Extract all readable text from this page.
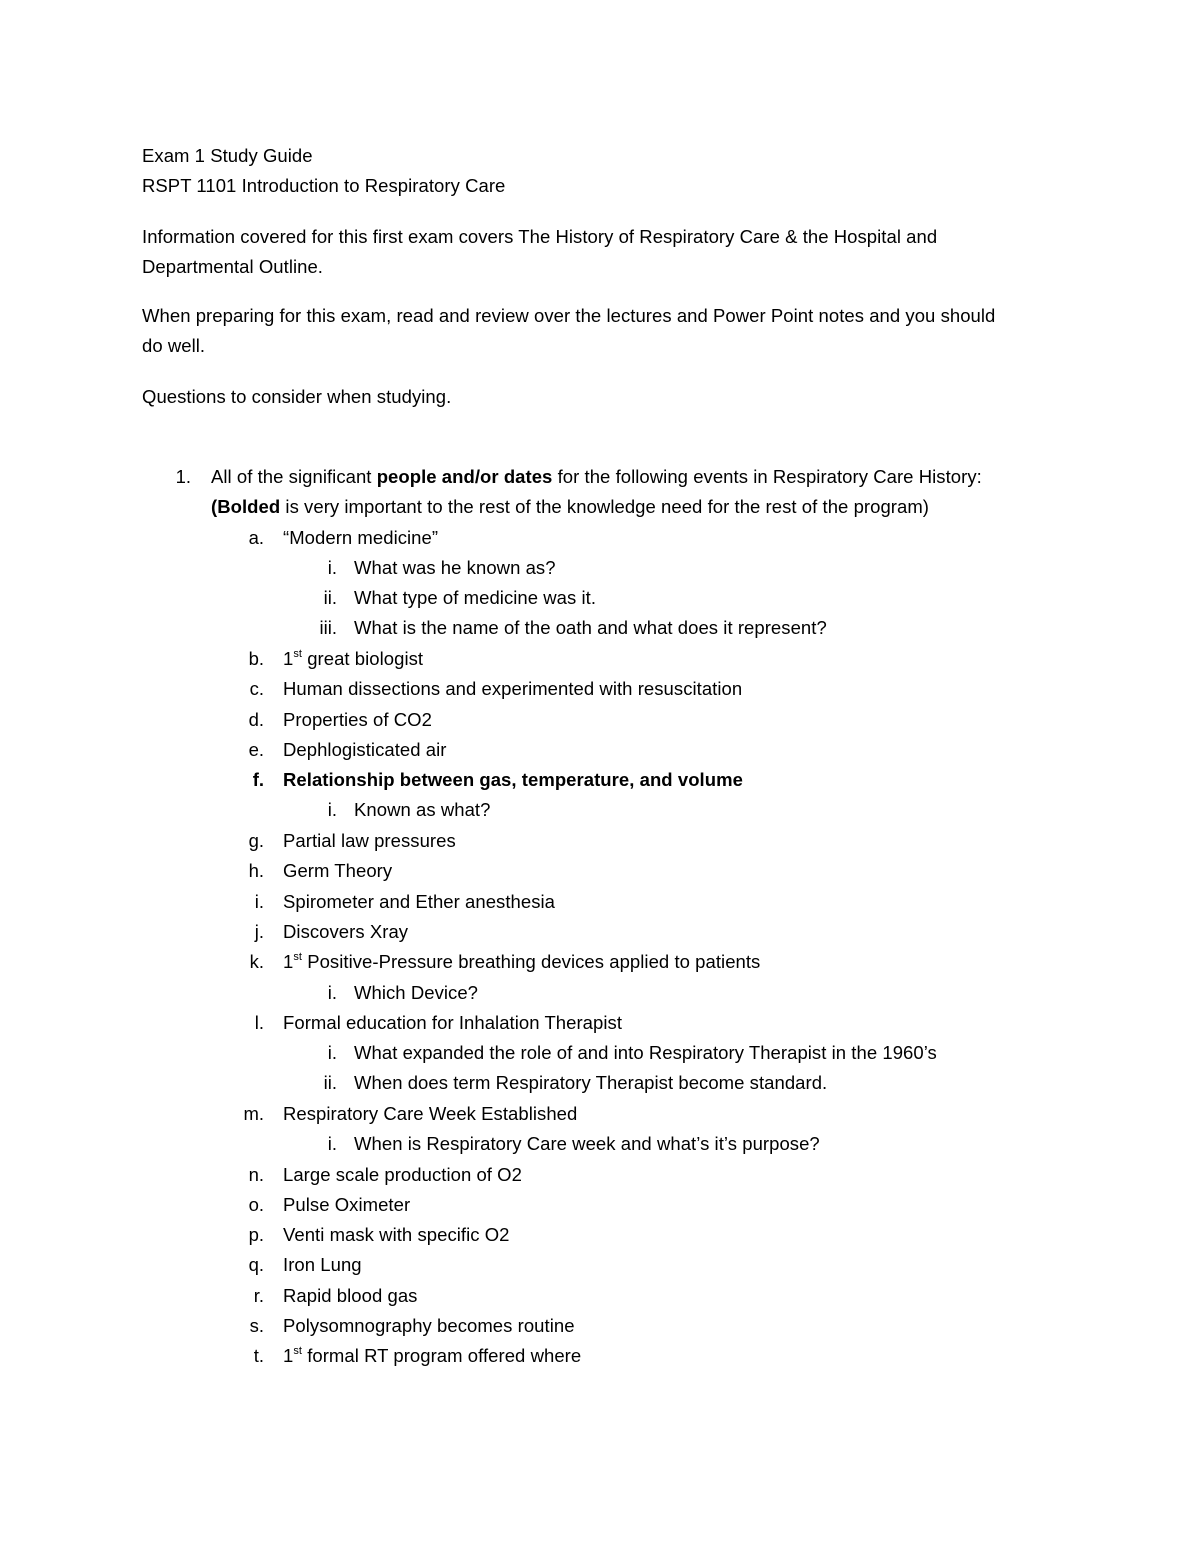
Exam 1 Study Guide
RSPT 1101 Introduction to Respiratory Care
Information covered for this first exam covers The History of Respiratory Care & the Hospital and
Departmental Outline.
When preparing for this exam, read and review over the lectures and Power Point notes and you should
do well.
Questions to consider when studying.
1. All of the significant people and/or dates for the following events in Respiratory Care History:
(Bolded is very important to the rest of the knowledge need for the rest of the program)
a. “Modern medicine”
i. What was he known as?
ii. What type of medicine was it.
iii. What is the name of the oath and what does it represent?
b. 1st great biologist
c. Human dissections and experimented with resuscitation
d. Properties of CO2
e. Dephlogisticated air
f. Relationship between gas, temperature, and volume
i. Known as what?
g. Partial law pressures
h. Germ Theory
i. Spirometer and Ether anesthesia
j. Discovers Xray
k. 1st Positive-Pressure breathing devices applied to patients
i. Which Device?
l. Formal education for Inhalation Therapist
i. What expanded the role of and into Respiratory Therapist in the 1960’s
ii. When does term Respiratory Therapist become standard.
m. Respiratory Care Week Established
i. When is Respiratory Care week and what’s it’s purpose?
n. Large scale production of O2
o. Pulse Oximeter
p. Venti mask with specific O2
q. Iron Lung
r. Rapid blood gas
s. Polysomnography becomes routine
t. 1st formal RT program offered where
